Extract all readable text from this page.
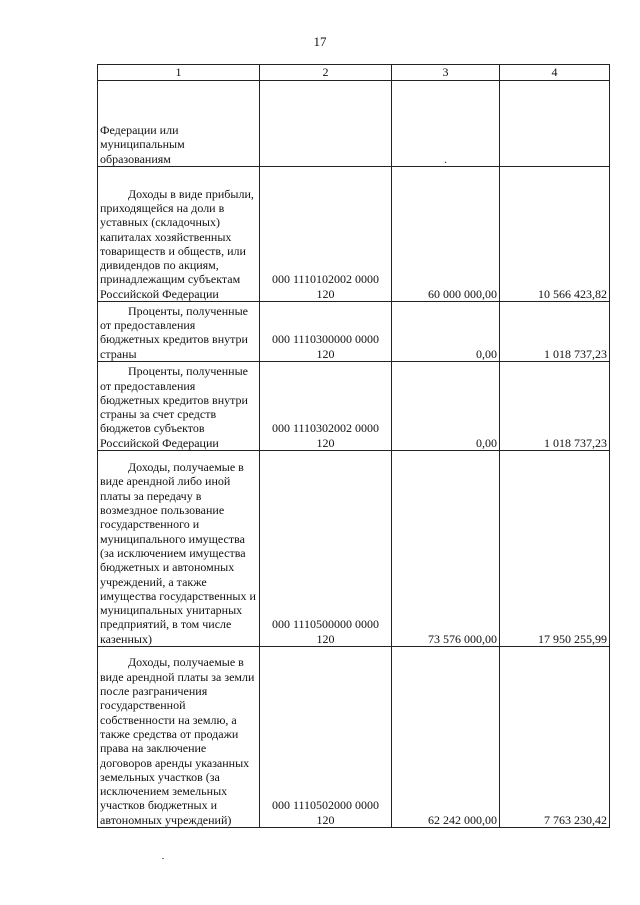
17
1	2	3	4

Федерации или муниципальным образованиям		.	

Доходы в виде прибыли, приходящейся на доли в уставных (складочных) капиталах хозяйственных товариществ и обществ, или дивидендов по акциям, принадлежащим субъектам Российской Федерации	000 1110102002 0000 120	60 000 000,00	10 566 423,82

Проценты, полученные от предоставления бюджетных кредитов внутри страны	000 1110300000 0000 120	0,00	1 018 737,23

Проценты, полученные от предоставления бюджетных кредитов внутри страны за счет средств бюджетов субъектов Российской Федерации	000 1110302002 0000 120	0,00	1 018 737,23

Доходы, получаемые в виде арендной либо иной платы за передачу в возмездное пользование государственного и муниципального имущества (за исключением имущества бюджетных и автономных учреждений, а также имущества государственных и муниципальных унитарных предприятий, в том числе казенных)	000 1110500000 0000 120	73 576 000,00	17 950 255,99

Доходы, получаемые в виде арендной платы за земли после разграничения государственной собственности на землю, а также средства от продажи права на заключение договоров аренды указанных земельных участков (за исключением земельных участков бюджетных и автономных учреждений)	000 1110502000 0000 120	62 242 000,00	7 763 230,42
